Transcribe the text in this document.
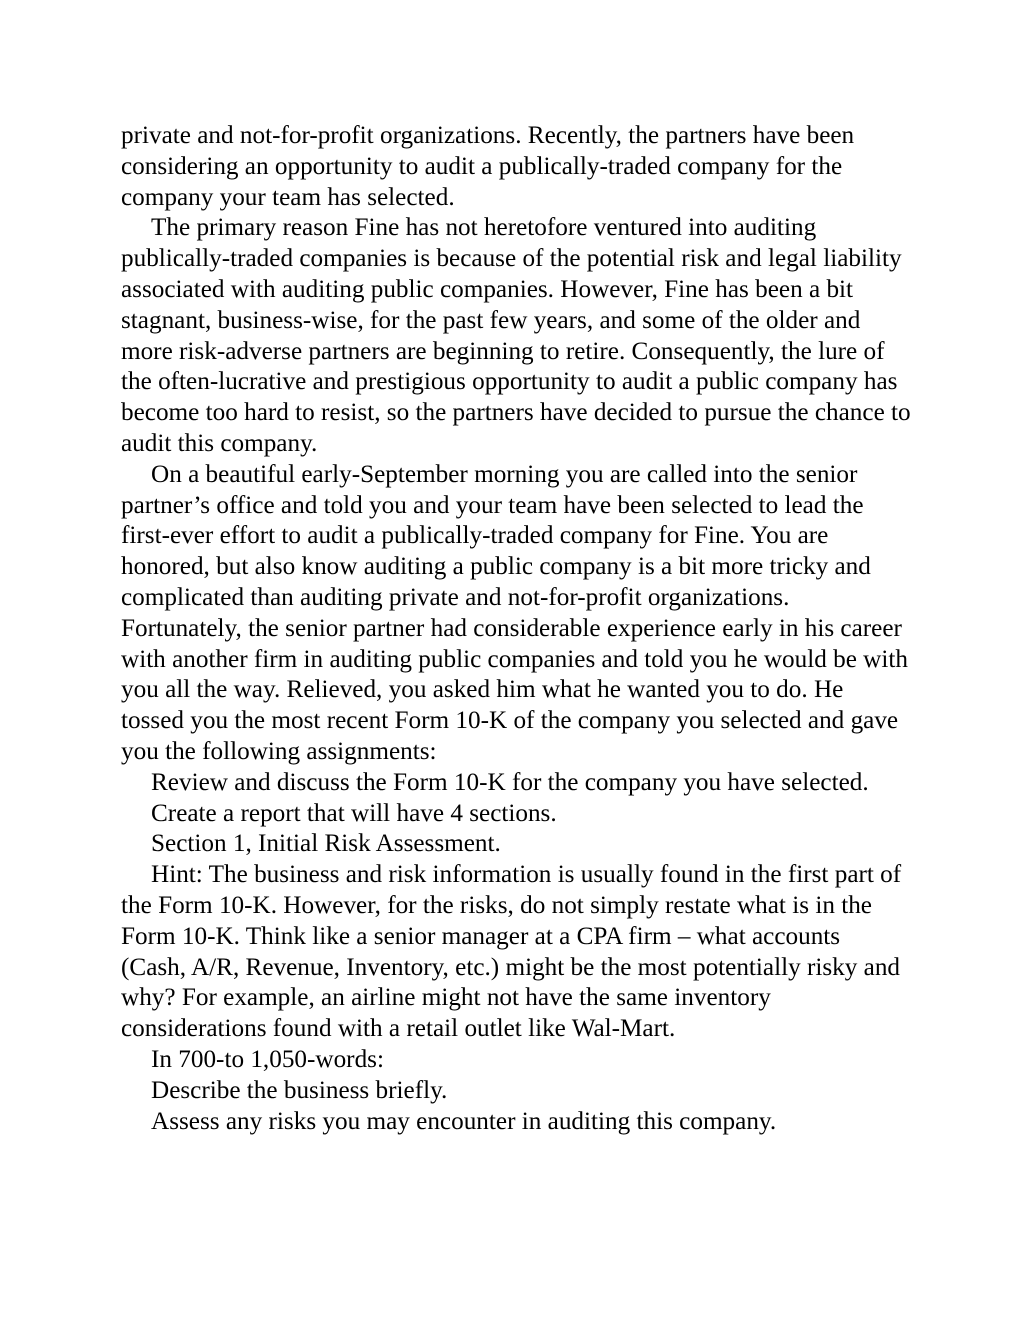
private and not-for-profit organizations. Recently, the partners have been considering an opportunity to audit a publically-traded company for the company your team has selected.

The primary reason Fine has not heretofore ventured into auditing publically-traded companies is because of the potential risk and legal liability associated with auditing public companies. However, Fine has been a bit stagnant, business-wise, for the past few years, and some of the older and more risk-adverse partners are beginning to retire. Consequently, the lure of the often-lucrative and prestigious opportunity to audit a public company has become too hard to resist, so the partners have decided to pursue the chance to audit this company.

On a beautiful early-September morning you are called into the senior partner’s office and told you and your team have been selected to lead the first-ever effort to audit a publically-traded company for Fine. You are honored, but also know auditing a public company is a bit more tricky and complicated than auditing private and not-for-profit organizations. Fortunately, the senior partner had considerable experience early in his career with another firm in auditing public companies and told you he would be with you all the way. Relieved, you asked him what he wanted you to do. He tossed you the most recent Form 10-K of the company you selected and gave you the following assignments:

Review and discuss the Form 10-K for the company you have selected.

Create a report that will have 4 sections.

Section 1, Initial Risk Assessment.

Hint: The business and risk information is usually found in the first part of the Form 10-K. However, for the risks, do not simply restate what is in the Form 10-K. Think like a senior manager at a CPA firm – what accounts (Cash, A/R, Revenue, Inventory, etc.) might be the most potentially risky and why? For example, an airline might not have the same inventory considerations found with a retail outlet like Wal-Mart.

In 700-to 1,050-words:

Describe the business briefly.

Assess any risks you may encounter in auditing this company.
